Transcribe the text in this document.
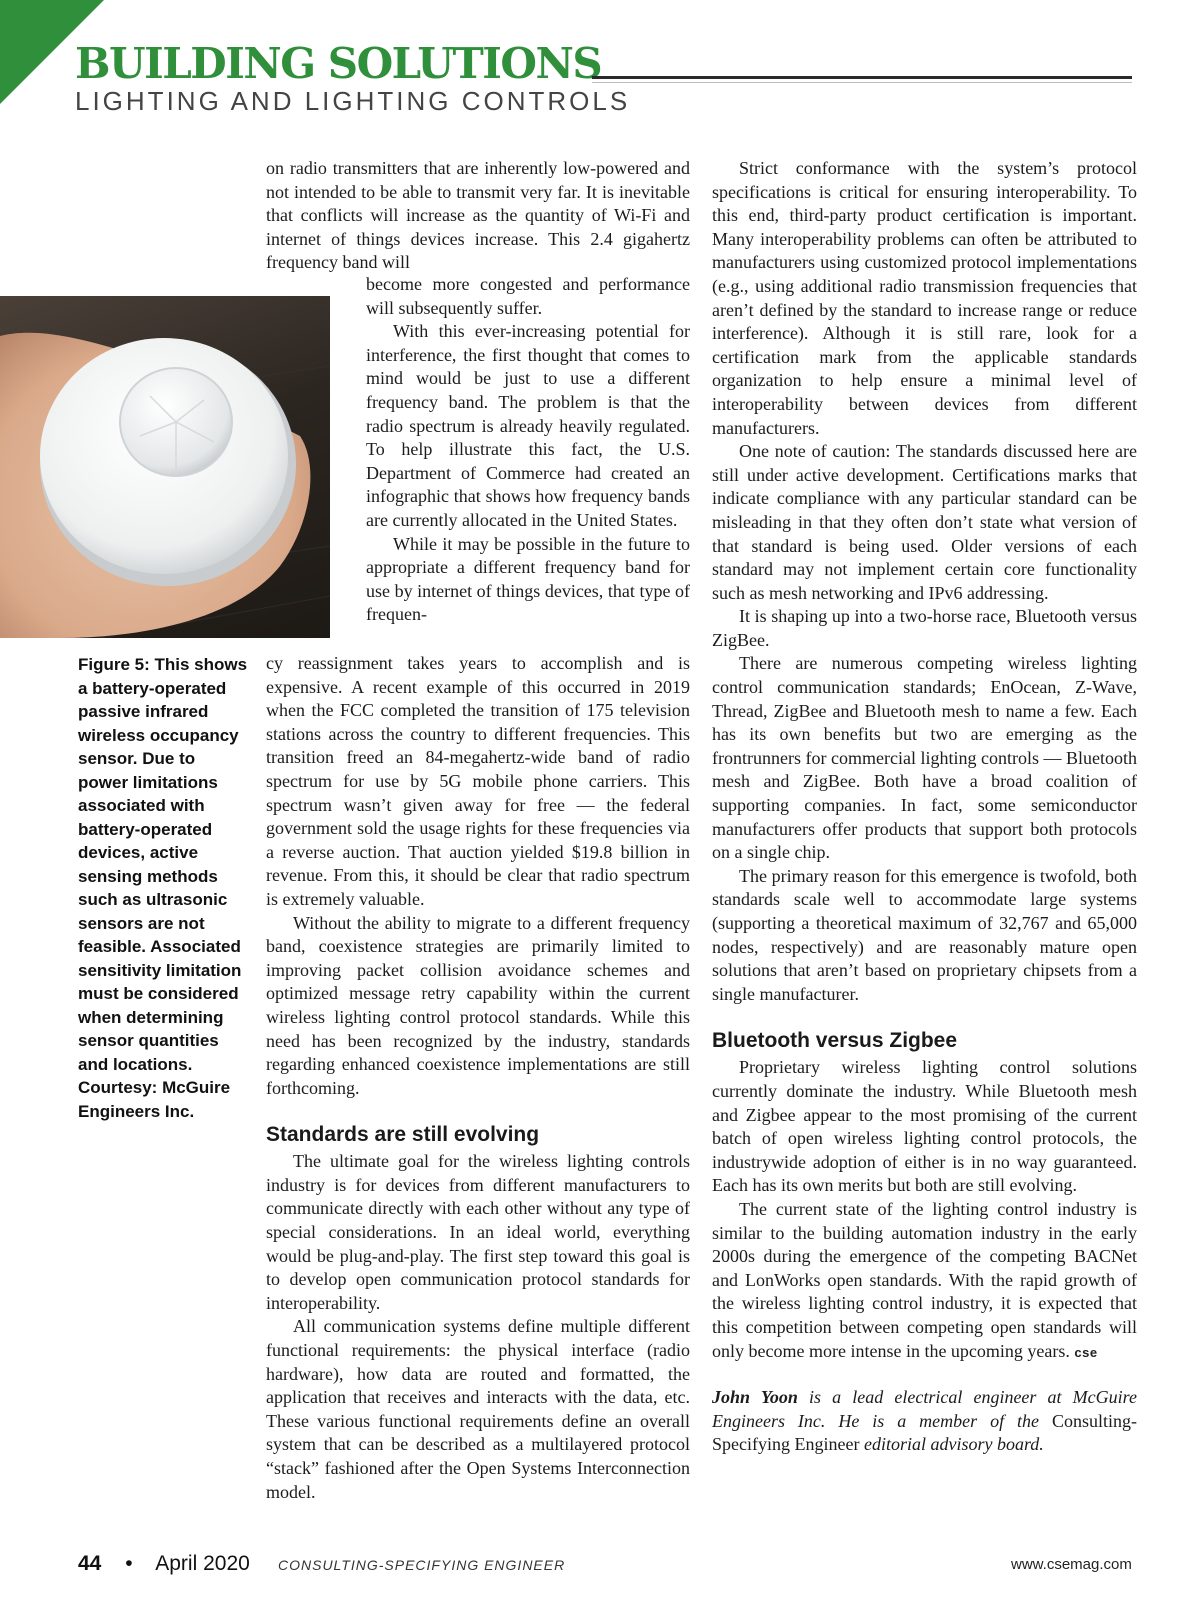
BUILDING SOLUTIONS
LIGHTING AND LIGHTING CONTROLS

Figure 5: This shows a battery-operated passive infrared wireless occupancy sensor. Due to power limitations associated with battery-operated devices, active sensing methods such as ultrasonic sensors are not feasible. Associated sensitivity limitation must be considered when determining sensor quantities and locations. Courtesy: McGuire Engineers Inc.

on radio transmitters that are inherently low-powered and not intended to be able to transmit very far. It is inevitable that conflicts will increase as the quantity of Wi-Fi and internet of things devices increase. This 2.4 gigahertz frequency band will

become more congested and performance will subsequently suffer.

With this ever-increasing potential for interference, the first thought that comes to mind would be just to use a different frequency band. The problem is that the radio spectrum is already heavily regulated. To help illustrate this fact, the U.S. Department of Commerce had created an infographic that shows how frequency bands are currently allocated in the United States.

While it may be possible in the future to appropriate a different frequency band for use by internet of things devices, that type of frequen-

cy reassignment takes years to accomplish and is expensive. A recent example of this occurred in 2019 when the FCC completed the transition of 175 television stations across the country to different frequencies. This transition freed an 84-megahertz-wide band of radio spectrum for use by 5G mobile phone carriers. This spectrum wasn’t given away for free — the federal government sold the usage rights for these frequencies via a reverse auction. That auction yielded $19.8 billion in revenue. From this, it should be clear that radio spectrum is extremely valuable.

Without the ability to migrate to a different frequency band, coexistence strategies are primarily limited to improving packet collision avoidance schemes and optimized message retry capability within the current wireless lighting control protocol standards. While this need has been recognized by the industry, standards regarding enhanced coexistence implementations are still forthcoming.

Standards are still evolving

The ultimate goal for the wireless lighting controls industry is for devices from different manufacturers to communicate directly with each other without any type of special considerations. In an ideal world, everything would be plug-and-play. The first step toward this goal is to develop open communication protocol standards for interoperability.

All communication systems define multiple different functional requirements: the physical interface (radio hardware), how data are routed and formatted, the application that receives and interacts with the data, etc. These various functional requirements define an overall system that can be described as a multilayered protocol “stack” fashioned after the Open Systems Interconnection model.

Strict conformance with the system’s protocol specifications is critical for ensuring interoperability. To this end, third-party product certification is important. Many interoperability problems can often be attributed to manufacturers using customized protocol implementations (e.g., using additional radio transmission frequencies that aren’t defined by the standard to increase range or reduce interference). Although it is still rare, look for a certification mark from the applicable standards organization to help ensure a minimal level of interoperability between devices from different manufacturers.

One note of caution: The standards discussed here are still under active development. Certifications marks that indicate compliance with any particular standard can be misleading in that they often don’t state what version of that standard is being used. Older versions of each standard may not implement certain core functionality such as mesh networking and IPv6 addressing.

It is shaping up into a two-horse race, Bluetooth versus ZigBee.

There are numerous competing wireless lighting control communication standards; EnOcean, Z-Wave, Thread, ZigBee and Bluetooth mesh to name a few. Each has its own benefits but two are emerging as the frontrunners for commercial lighting controls — Bluetooth mesh and ZigBee. Both have a broad coalition of supporting companies. In fact, some semiconductor manufacturers offer products that support both protocols on a single chip.

The primary reason for this emergence is twofold, both standards scale well to accommodate large systems (supporting a theoretical maximum of 32,767 and 65,000 nodes, respectively) and are reasonably mature open solutions that aren’t based on proprietary chipsets from a single manufacturer.

Bluetooth versus Zigbee

Proprietary wireless lighting control solutions currently dominate the industry. While Bluetooth mesh and Zigbee appear to the most promising of the current batch of open wireless lighting control protocols, the industrywide adoption of either is in no way guaranteed. Each has its own merits but both are still evolving.

The current state of the lighting control industry is similar to the building automation industry in the early 2000s during the emergence of the competing BACNet and LonWorks open standards. With the rapid growth of the wireless lighting control industry, it is expected that this competition between competing open standards will only become more intense in the upcoming years. cse

John Yoon is a lead electrical engineer at McGuire Engineers Inc. He is a member of the Consulting-Specifying Engineer editorial advisory board.

44 • April 2020 CONSULTING-SPECIFYING ENGINEER	www.csemag.com
